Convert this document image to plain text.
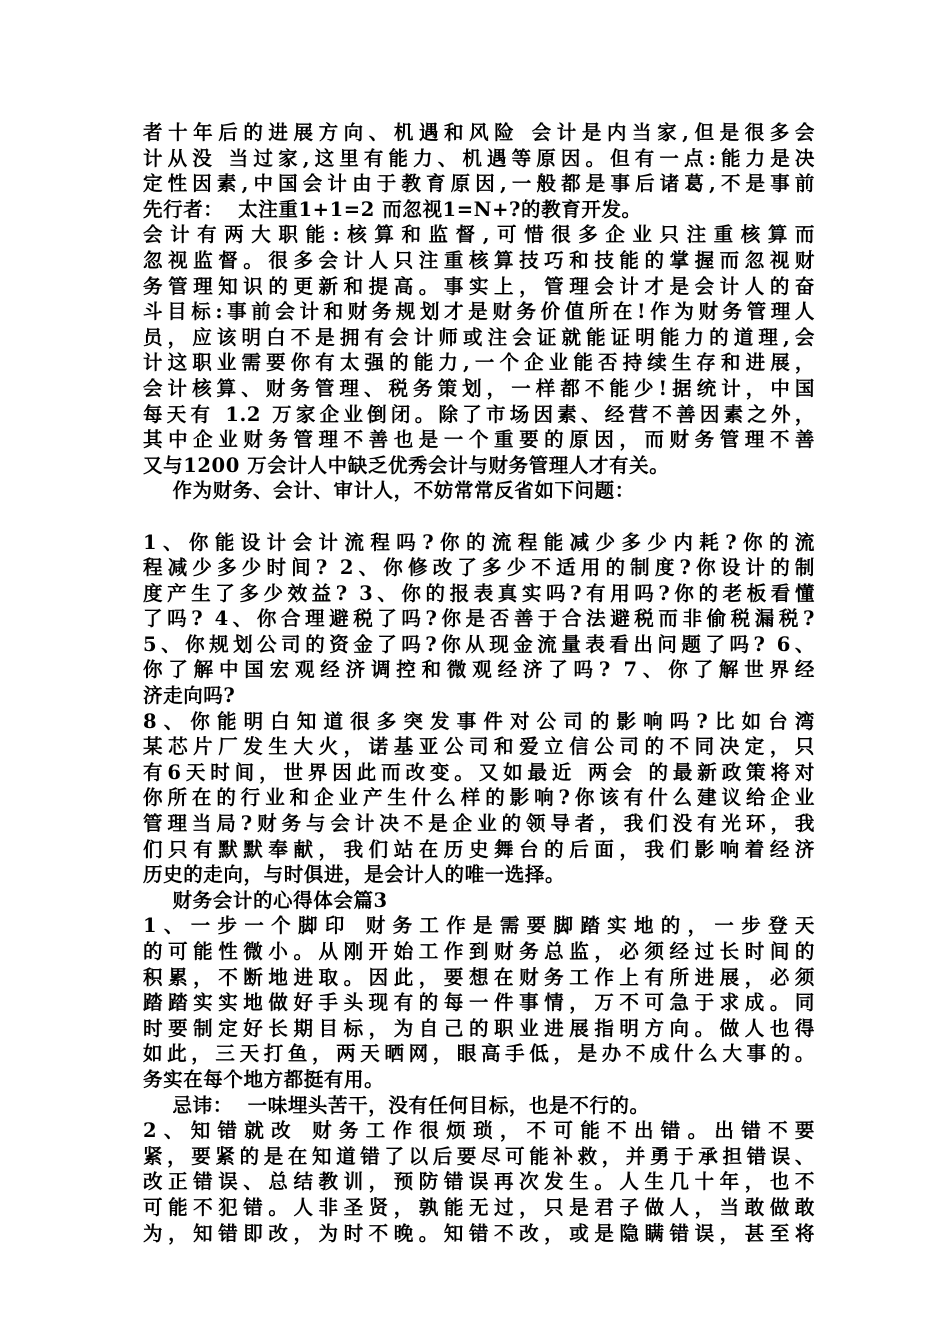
者十年后的进展方向、机遇和风险 会计是内当家,但是很多会
计从没 当过家,这里有能力、机遇等原因。但有一点:能力是决
定性因素,中国会计由于教育原因,一般都是事后诸葛,不是事前
先行者：  太注重1+1=2 而忽视1=N+?的教育开发。
会计有两大职能:核算和监督,可惜很多企业只注重核算而
忽视监督。很多会计人只注重核算技巧和技能的掌握而忽视财
务管理知识的更新和提高。事实上，管理会计才是会计人的奋
斗目标:事前会计和财务规划才是财务价值所在!作为财务管理人
员，应该明白不是拥有会计师或注会证就能证明能力的道理,会
计这职业需要你有太强的能力,一个企业能否持续生存和进展，
会计核算、财务管理、税务策划，一样都不能少!据统计，中国
每天有 1.2 万家企业倒闭。除了市场因素、经营不善因素之外，
其中企业财务管理不善也是一个重要的原因，而财务管理不善
又与1200 万会计人中缺乏优秀会计与财务管理人才有关。
作为财务、会计、审计人，不妨常常反省如下问题：
1、你能设计会计流程吗?你的流程能减少多少内耗?你的流
程减少多少时间? 2、你修改了多少不适用的制度?你设计的制
度产生了多少效益? 3、你的报表真实吗?有用吗?你的老板看懂
了吗? 4、你合理避税了吗?你是否善于合法避税而非偷税漏税?
5、你规划公司的资金了吗?你从现金流量表看出问题了吗? 6、
你了解中国宏观经济调控和微观经济了吗? 7、你了解世界经
济走向吗?
8、你能明白知道很多突发事件对公司的影响吗?比如台湾
某芯片厂发生大火，诺基亚公司和爱立信公司的不同决定，只
有6天时间，世界因此而改变。又如最近 两会 的最新政策将对
你所在的行业和企业产生什么样的影响?你该有什么建议给企业
管理当局?财务与会计决不是企业的领导者，我们没有光环，我
们只有默默奉献，我们站在历史舞台的后面，我们影响着经济
历史的走向，与时俱进，是会计人的唯一选择。
财务会计的心得体会篇3
1、一步一个脚印 财务工作是需要脚踏实地的，一步登天
的可能性微小。从刚开始工作到财务总监，必须经过长时间的
积累，不断地进取。因此，要想在财务工作上有所进展，必须
踏踏实实地做好手头现有的每一件事情，万不可急于求成。同
时要制定好长期目标，为自己的职业进展指明方向。做人也得
如此，三天打鱼，两天晒网，眼高手低，是办不成什么大事的。
务实在每个地方都挺有用。
忌讳：  一味埋头苦干，没有任何目标，也是不行的。
2、知错就改 财务工作很烦琐，不可能不出错。出错不要
紧，要紧的是在知道错了以后要尽可能补救，并勇于承担错误、
改正错误、总结教训，预防错误再次发生。人生几十年，也不
可能不犯错。人非圣贤，孰能无过，只是君子做人，当敢做敢
为，知错即改，为时不晚。知错不改，或是隐瞒错误，甚至将
